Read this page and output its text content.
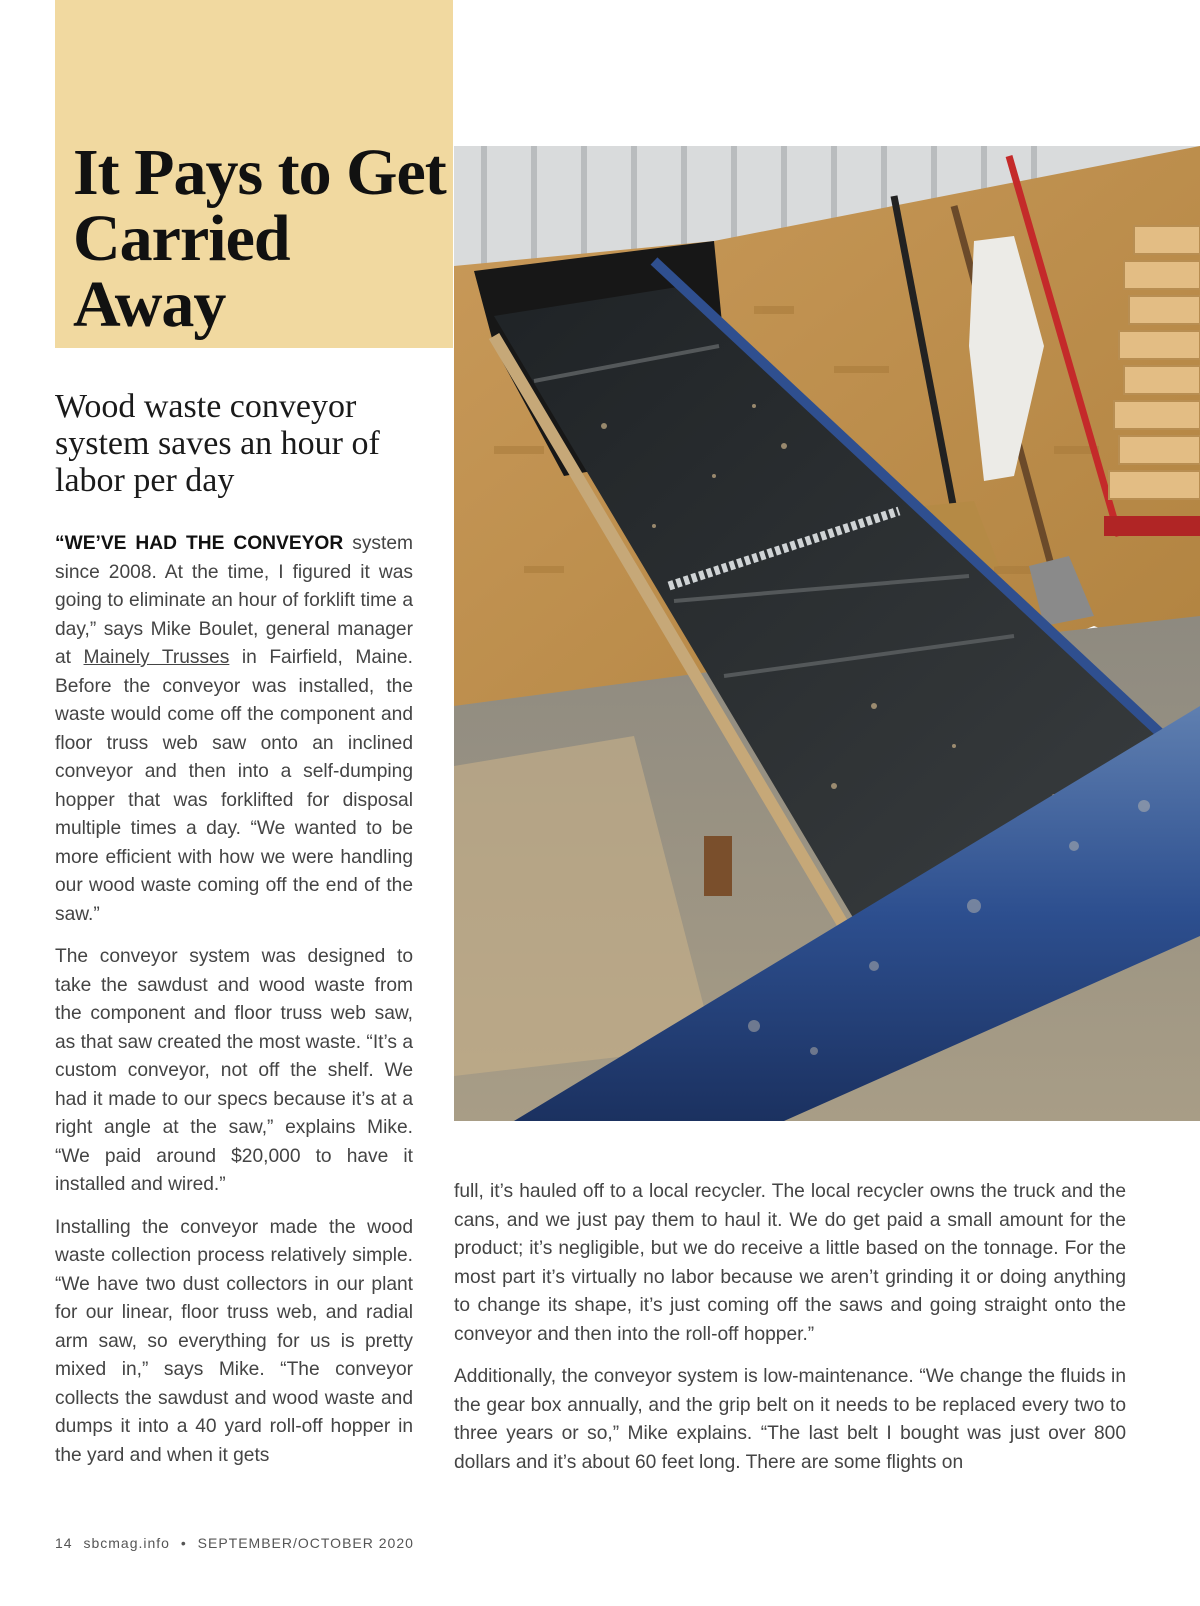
It Pays to Get Carried Away
Wood waste conveyor system saves an hour of labor per day

“WE’VE HAD THE CONVEYOR system since 2008. At the time, I figured it was going to eliminate an hour of forklift time a day,” says Mike Boulet, general manager at Mainely Trusses in Fairfield, Maine. Before the conveyor was installed, the waste would come off the component and floor truss web saw onto an inclined conveyor and then into a self-dumping hopper that was forklifted for disposal multiple times a day. “We wanted to be more efficient with how we were handling our wood waste coming off the end of the saw.”

The conveyor system was designed to take the sawdust and wood waste from the component and floor truss web saw, as that saw created the most waste. “It’s a custom conveyor, not off the shelf. We had it made to our specs because it’s at a right angle at the saw,” explains Mike. “We paid around $20,000 to have it installed and wired.”

Installing the conveyor made the wood waste collection process relatively simple. “We have two dust collectors in our plant for our linear, floor truss web, and radial arm saw, so everything for us is pretty mixed in,” says Mike. “The conveyor collects the sawdust and wood waste and dumps it into a 40 yard roll-off hopper in the yard and when it gets

full, it’s hauled off to a local recycler. The local recycler owns the truck and the cans, and we just pay them to haul it. We do get paid a small amount for the product; it’s negligible, but we do receive a little based on the tonnage. For the most part it’s virtually no labor because we aren’t grinding it or doing anything to change its shape, it’s just coming off the saws and going straight onto the conveyor and then into the roll-off hopper.”

Additionally, the conveyor system is low-maintenance. “We change the fluids in the gear box annually, and the grip belt on it needs to be replaced every two to three years or so,” Mike explains. “The last belt I bought was just over 800 dollars and it’s about 60 feet long. There are some flights on

14 sbcmag.info • SEPTEMBER/OCTOBER 2020
